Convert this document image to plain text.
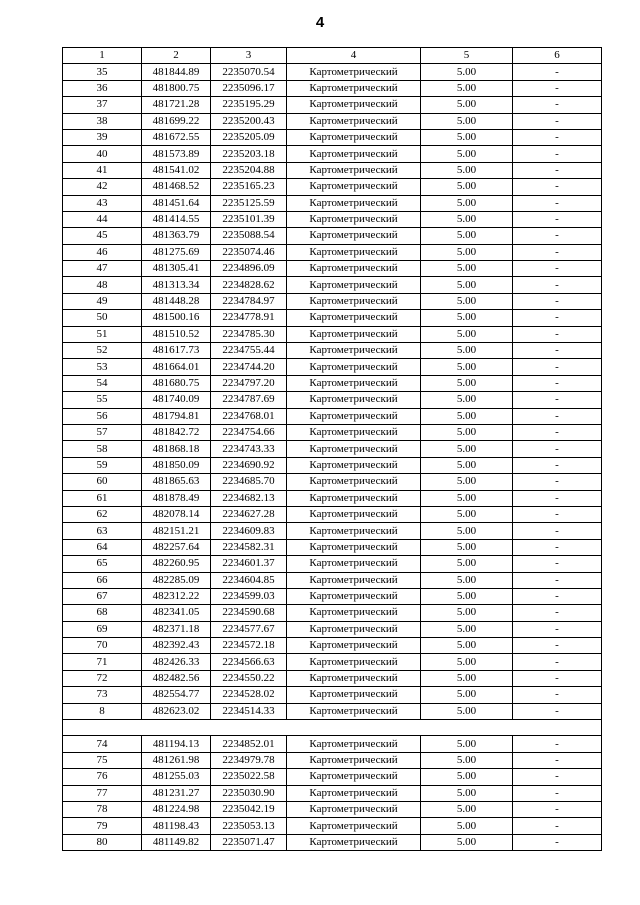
4
1	2	3	4	5	6
35	481844.89	2235070.54	Картометрический	5.00	-
36	481800.75	2235096.17	Картометрический	5.00	-
37	481721.28	2235195.29	Картометрический	5.00	-
38	481699.22	2235200.43	Картометрический	5.00	-
39	481672.55	2235205.09	Картометрический	5.00	-
40	481573.89	2235203.18	Картометрический	5.00	-
41	481541.02	2235204.88	Картометрический	5.00	-
42	481468.52	2235165.23	Картометрический	5.00	-
43	481451.64	2235125.59	Картометрический	5.00	-
44	481414.55	2235101.39	Картометрический	5.00	-
45	481363.79	2235088.54	Картометрический	5.00	-
46	481275.69	2235074.46	Картометрический	5.00	-
47	481305.41	2234896.09	Картометрический	5.00	-
48	481313.34	2234828.62	Картометрический	5.00	-
49	481448.28	2234784.97	Картометрический	5.00	-
50	481500.16	2234778.91	Картометрический	5.00	-
51	481510.52	2234785.30	Картометрический	5.00	-
52	481617.73	2234755.44	Картометрический	5.00	-
53	481664.01	2234744.20	Картометрический	5.00	-
54	481680.75	2234797.20	Картометрический	5.00	-
55	481740.09	2234787.69	Картометрический	5.00	-
56	481794.81	2234768.01	Картометрический	5.00	-
57	481842.72	2234754.66	Картометрический	5.00	-
58	481868.18	2234743.33	Картометрический	5.00	-
59	481850.09	2234690.92	Картометрический	5.00	-
60	481865.63	2234685.70	Картометрический	5.00	-
61	481878.49	2234682.13	Картометрический	5.00	-
62	482078.14	2234627.28	Картометрический	5.00	-
63	482151.21	2234609.83	Картометрический	5.00	-
64	482257.64	2234582.31	Картометрический	5.00	-
65	482260.95	2234601.37	Картометрический	5.00	-
66	482285.09	2234604.85	Картометрический	5.00	-
67	482312.22	2234599.03	Картометрический	5.00	-
68	482341.05	2234590.68	Картометрический	5.00	-
69	482371.18	2234577.67	Картометрический	5.00	-
70	482392.43	2234572.18	Картометрический	5.00	-
71	482426.33	2234566.63	Картометрический	5.00	-
72	482482.56	2234550.22	Картометрический	5.00	-
73	482554.77	2234528.02	Картометрический	5.00	-
8	482623.02	2234514.33	Картометрический	5.00	-

74	481194.13	2234852.01	Картометрический	5.00	-
75	481261.98	2234979.78	Картометрический	5.00	-
76	481255.03	2235022.58	Картометрический	5.00	-
77	481231.27	2235030.90	Картометрический	5.00	-
78	481224.98	2235042.19	Картометрический	5.00	-
79	481198.43	2235053.13	Картометрический	5.00	-
80	481149.82	2235071.47	Картометрический	5.00	-
